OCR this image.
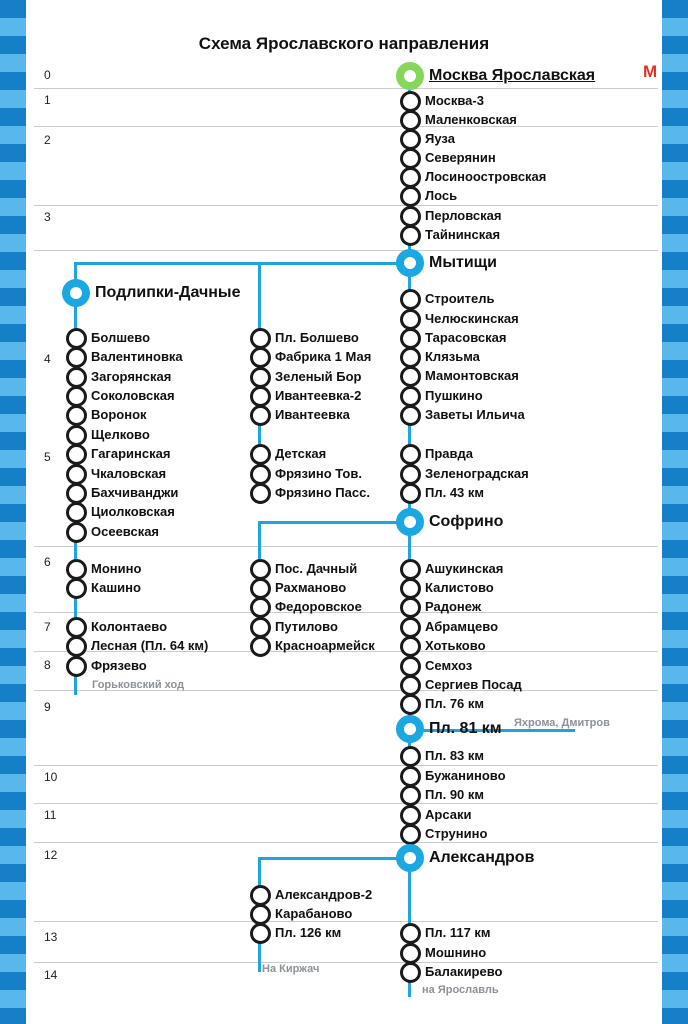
Схема Ярославского направления
0
1
2
3
4
5
6
7
8
9
10
11
12
13
14
Москва Ярославская
Москва-3
Маленковская
Яуза
Северянин
Лосиноостровская
Лось
Перловская
Тайнинская
Мытищи
Строитель
Челюскинская
Тарасовская
Клязьма
Мамонтовская
Пушкино
Заветы Ильича
Правда
Зеленоградская
Пл. 43 км
Софрино
Ашукинская
Калистово
Радонеж
Абрамцево
Хотьково
Семхоз
Сергиев Посад
Пл. 76 км
Пл. 81 км
Пл. 83 км
Бужаниново
Пл. 90 км
Арсаки
Струнино
Александров
Пл. 117 км
Мошнино
Балакирево
Подлипки-Дачные
Болшево
Валентиновка
Загорянская
Соколовская
Воронок
Щелково
Гагаринская
Чкаловская
Бахчиванджи
Циолковская
Осеевская
Монино
Кашино
Колонтаево
Лесная (Пл. 64 км)
Фрязево
Пл. Болшево
Фабрика 1 Мая
Зеленый Бор
Ивантеевка-2
Ивантеевка
Детская
Фрязино Тов.
Фрязино Пасс.
Пос. Дачный
Рахманово
Федоровское
Путилово
Красноармейск
Александров-2
Карабаново
Пл. 126 км
M
Горьковский ход
Яхрома, Дмитров
На Киржач
на Ярославль
